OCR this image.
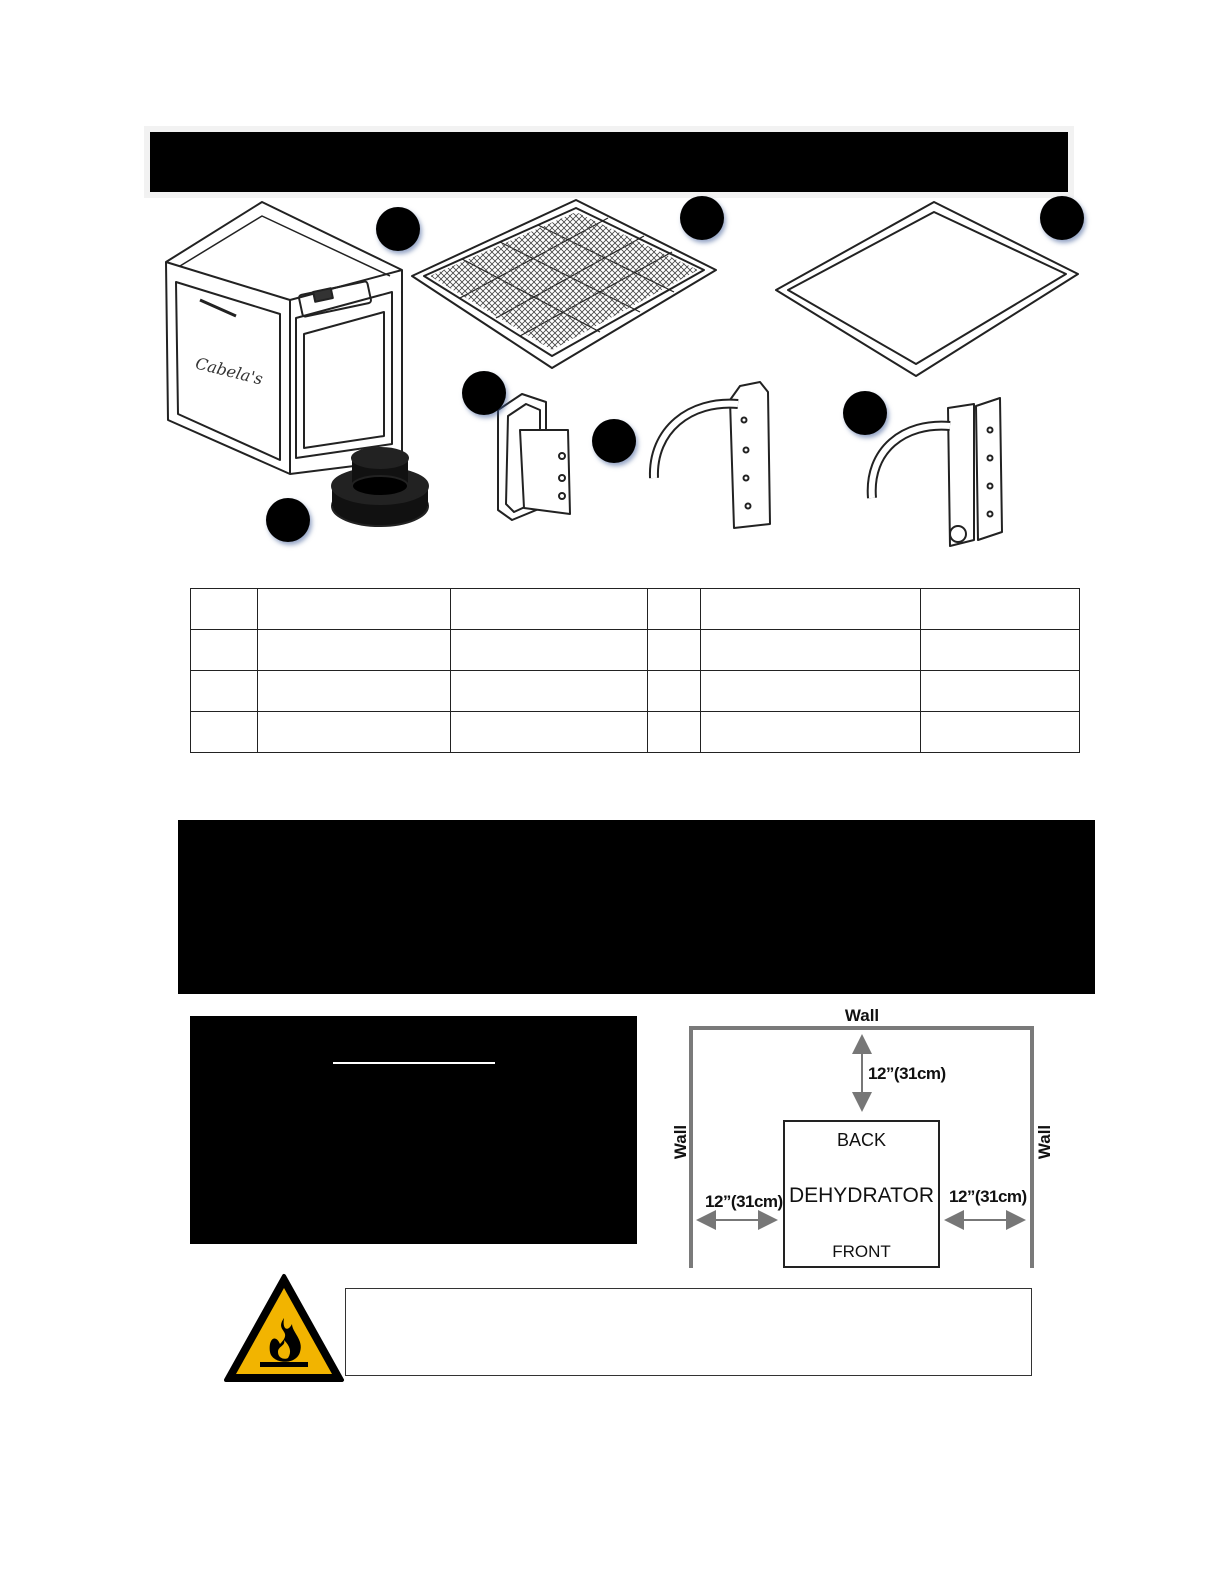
Cabela's

Wall
Wall	Wall
12”(31cm)
12”(31cm)	12”(31cm)
BACK
DEHYDRATOR
FRONT
